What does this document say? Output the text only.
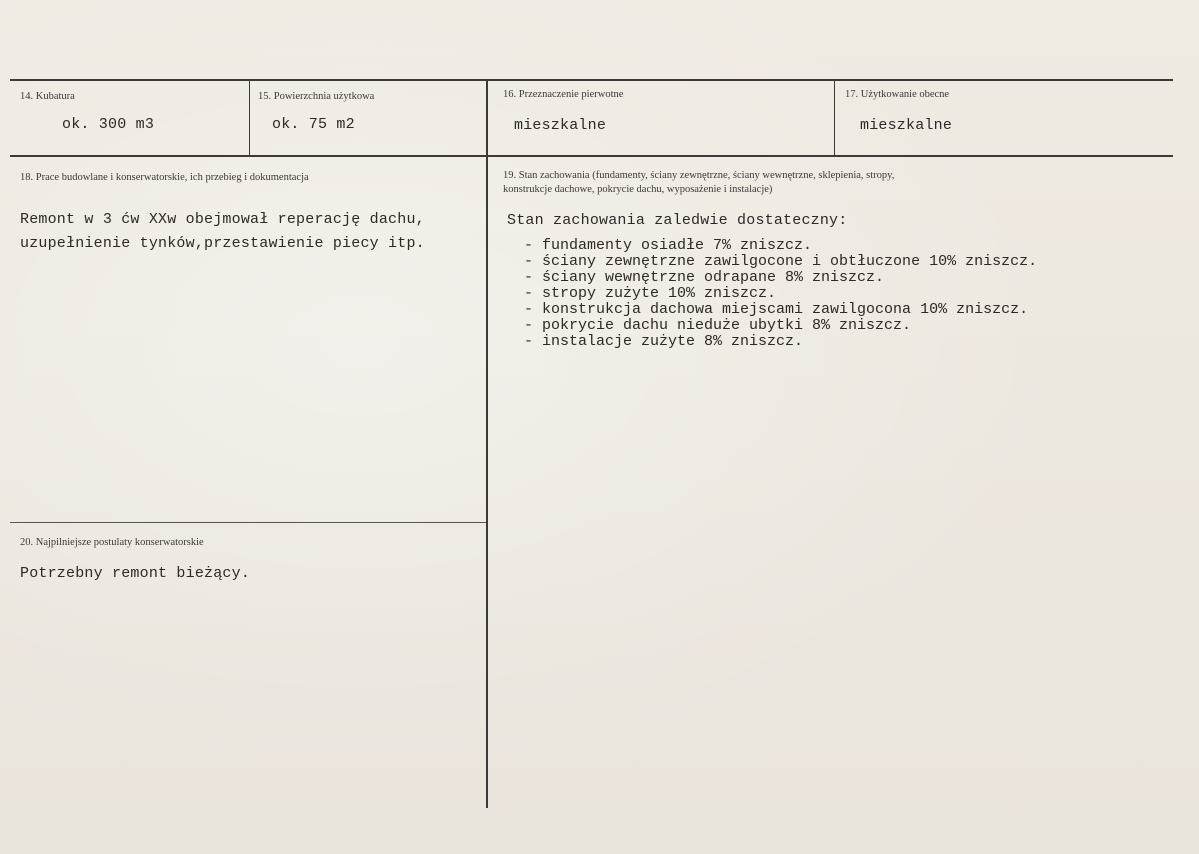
14. Kubatura
ok. 300 m3
15. Powierzchnia użytkowa
ok. 75 m2
16. Przeznaczenie pierwotne
mieszkalne
17. Użytkowanie obecne
mieszkalne
18. Prace budowlane i konserwatorskie, ich przebieg i dokumentacja
Remont w 3 ćw XXw obejmował reperację dachu,
uzupełnienie tynków,przestawienie piecy itp.
19. Stan zachowania (fundamenty, ściany zewnętrzne, ściany wewnętrzne, sklepienia, stropy,
konstrukcje dachowe, pokrycie dachu, wyposażenie i instalacje)
Stan zachowania zaledwie dostateczny:
- fundamenty osiadłe 7% zniszcz.
- ściany zewnętrzne zawilgocone i obtłuczone 10% zniszcz.
- ściany wewnętrzne odrapane 8% zniszcz.
- stropy zużyte 10% zniszcz.
- konstrukcja dachowa miejscami zawilgocona 10% zniszcz.
- pokrycie dachu nieduże ubytki 8% zniszcz.
- instalacje zużyte 8% zniszcz.
20. Najpilniejsze postulaty konserwatorskie
Potrzebny remont bieżący.
